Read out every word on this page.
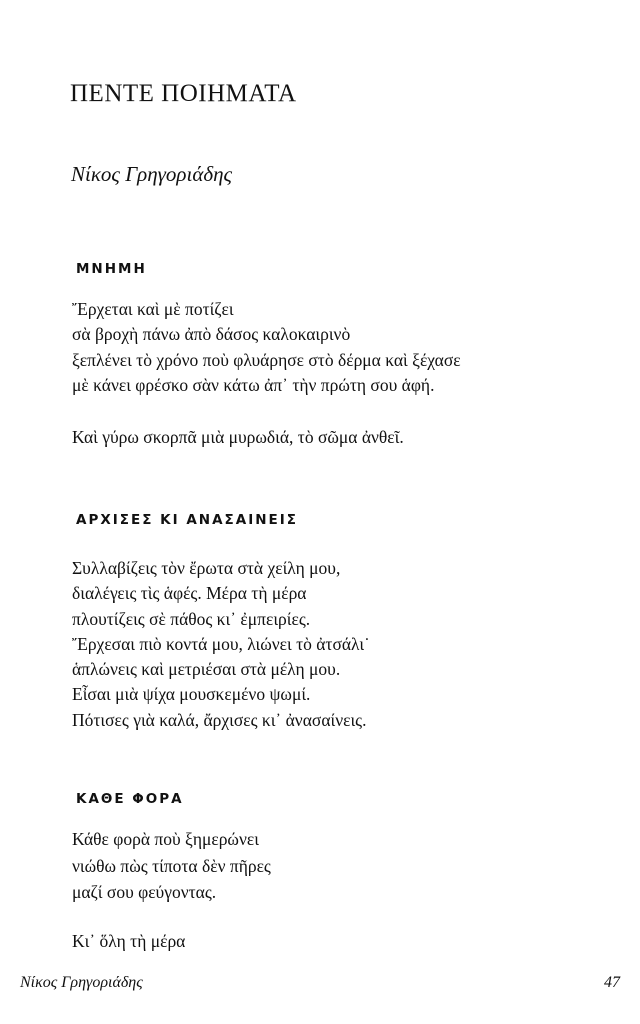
ΠΕΝΤΕ ΠΟΙΗΜΑΤΑ
Νίκος Γρηγοριάδης
ΜΝΗΜΗ
Ἔρχεται καὶ μὲ ποτίζει
σὰ βροχὴ πάνω ἀπὸ δάσος καλοκαιρινὸ
ξεπλένει τὸ χρόνο ποὺ φλυάρησε στὸ δέρμα καὶ ξέχασε
μὲ κάνει φρέσκο σὰν κάτω ἀπ᾽ τὴν πρώτη σου ἁφή.
Καὶ γύρω σκορπᾶ μιὰ μυρωδιά, τὸ σῶμα ἀνθεῖ.
ΑΡΧΙΣΕΣ ΚΙ ΑΝΑΣΑΙΝΕΙΣ
Συλλαβίζεις τὸν ἔρωτα στὰ χείλη μου,
διαλέγεις τὶς ἁφές. Μέρα τὴ μέρα
πλουτίζεις σὲ πάθος κι᾽ ἐμπειρίες.
Ἔρχεσαι πιὸ κοντά μου, λιώνει τὸ ἀτσάλι˙
ἁπλώνεις καὶ μετριέσαι στὰ μέλη μου.
Εἶσαι μιὰ ψίχα μουσκεμένο ψωμί.
Πότισες γιὰ καλά, ἄρχισες κι᾽ ἀνασαίνεις.
ΚΑΘΕ ΦΟΡΑ
Κάθε φορὰ ποὺ ξημερώνει
νιώθω πὼς τίποτα δὲν πῆρες
μαζί σου φεύγοντας.
Κι᾽ ὅλη τὴ μέρα
Νίκος Γρηγοριάδης	47
